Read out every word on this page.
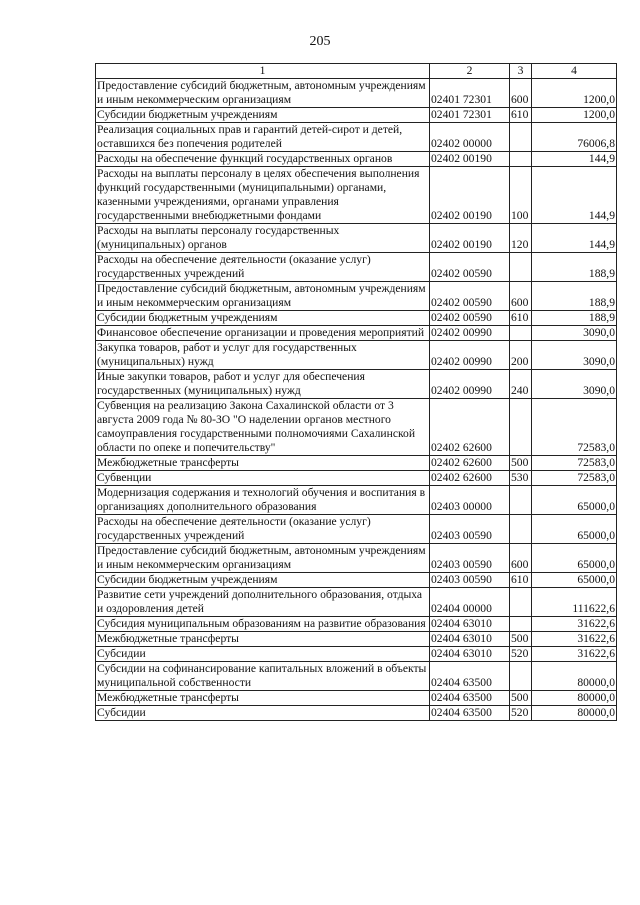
205
1	2	3	4
Предоставление субсидий бюджетным, автономным учреждениям и иным некоммерческим организациям	02401 72301	600	1200,0
Субсидии бюджетным учреждениям	02401 72301	610	1200,0
Реализация социальных прав и гарантий детей-сирот и детей, оставшихся без попечения родителей	02402 00000		76006,8
Расходы на обеспечение функций государственных органов	02402 00190		144,9
Расходы на выплаты персоналу в целях обеспечения выполнения функций государственными (муниципальными) органами, казенными учреждениями, органами управления государственными внебюджетными фондами	02402 00190	100	144,9
Расходы на выплаты персоналу государственных (муниципальных) органов	02402 00190	120	144,9
Расходы на обеспечение деятельности (оказание услуг) государственных учреждений	02402 00590		188,9
Предоставление субсидий бюджетным, автономным учреждениям и иным некоммерческим организациям	02402 00590	600	188,9
Субсидии бюджетным учреждениям	02402 00590	610	188,9
Финансовое обеспечение организации и проведения мероприятий	02402 00990		3090,0
Закупка товаров, работ и услуг для государственных (муниципальных) нужд	02402 00990	200	3090,0
Иные закупки товаров, работ и услуг для обеспечения государственных (муниципальных) нужд	02402 00990	240	3090,0
Субвенция на реализацию Закона Сахалинской области от 3 августа 2009 года № 80-ЗО "О наделении органов местного самоуправления государственными полномочиями Сахалинской области по опеке и попечительству"	02402 62600		72583,0
Межбюджетные трансферты	02402 62600	500	72583,0
Субвенции	02402 62600	530	72583,0
Модернизация содержания и технологий обучения и воспитания в организациях дополнительного образования	02403 00000		65000,0
Расходы на обеспечение деятельности (оказание услуг) государственных учреждений	02403 00590		65000,0
Предоставление субсидий бюджетным, автономным учреждениям и иным некоммерческим организациям	02403 00590	600	65000,0
Субсидии бюджетным учреждениям	02403 00590	610	65000,0
Развитие сети учреждений дополнительного образования, отдыха и оздоровления детей	02404 00000		111622,6
Субсидия муниципальным образованиям на развитие образования	02404 63010		31622,6
Межбюджетные трансферты	02404 63010	500	31622,6
Субсидии	02404 63010	520	31622,6
Субсидии на софинансирование капитальных вложений в объекты муниципальной собственности	02404 63500		80000,0
Межбюджетные трансферты	02404 63500	500	80000,0
Субсидии	02404 63500	520	80000,0
